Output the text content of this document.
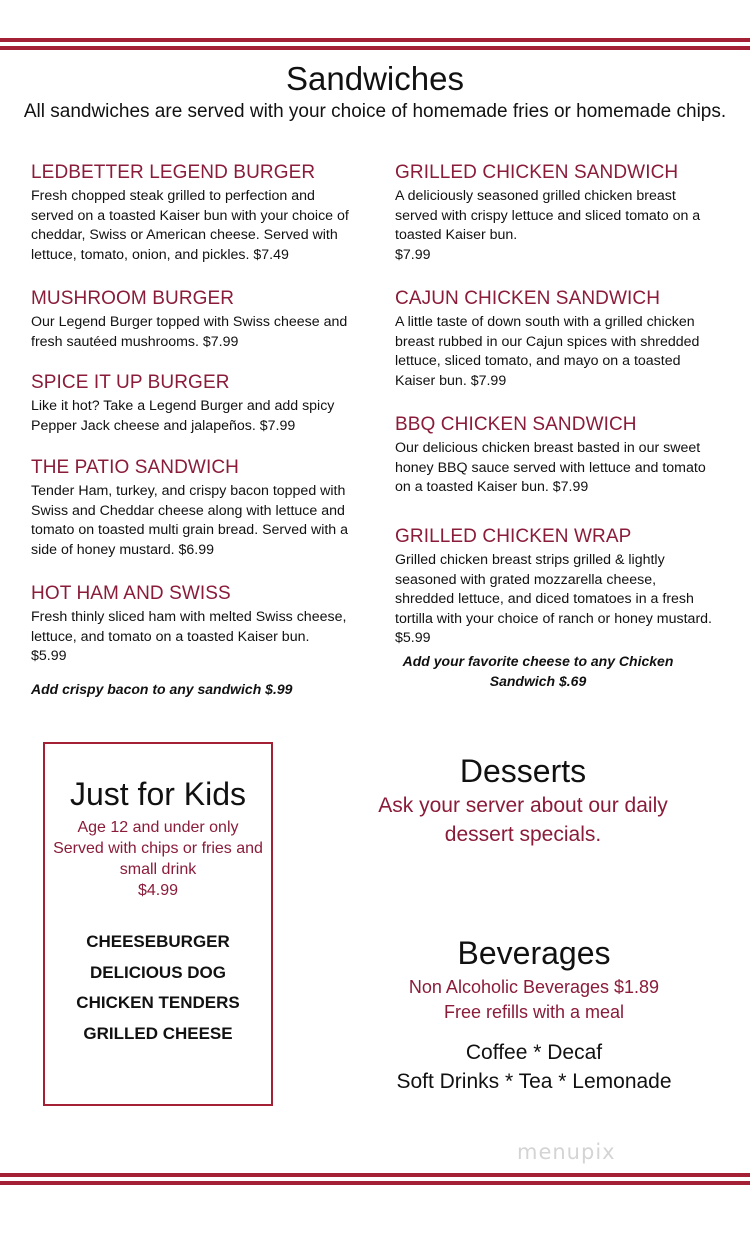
Sandwiches
All sandwiches are served with your choice of homemade fries or homemade chips.
LEDBETTER LEGEND BURGER
Fresh chopped steak grilled to perfection and served on a toasted Kaiser bun with your choice of cheddar, Swiss or American cheese. Served with lettuce, tomato, onion, and pickles. $7.49
MUSHROOM BURGER
Our Legend Burger topped with Swiss cheese and fresh sautéed mushrooms. $7.99
SPICE IT UP BURGER
Like it hot? Take a Legend Burger and add spicy Pepper Jack cheese and jalapeños. $7.99
THE PATIO SANDWICH
Tender Ham, turkey, and crispy bacon topped with Swiss and Cheddar cheese along with lettuce and tomato on toasted multi grain bread. Served with a side of honey mustard. $6.99
HOT HAM AND SWISS
Fresh thinly sliced ham with melted Swiss cheese, lettuce, and tomato on a toasted Kaiser bun.
$5.99
Add crispy bacon to any sandwich $.99
GRILLED CHICKEN SANDWICH
A deliciously seasoned grilled chicken breast served with crispy lettuce and sliced tomato on a toasted Kaiser bun.
$7.99
CAJUN CHICKEN SANDWICH
A little taste of down south with a grilled chicken breast rubbed in our Cajun spices with shredded lettuce, sliced tomato, and mayo on a toasted Kaiser bun. $7.99
BBQ CHICKEN SANDWICH
Our delicious chicken breast basted in our sweet honey BBQ sauce served with lettuce and tomato on a toasted Kaiser bun. $7.99
GRILLED CHICKEN WRAP
Grilled chicken breast strips grilled & lightly seasoned with grated mozzarella cheese, shredded lettuce, and diced tomatoes in a fresh tortilla with your choice of ranch or honey mustard. $5.99
Add your favorite cheese to any Chicken
Sandwich $.69
Just for Kids
Age 12 and under only
Served with chips or fries and
small drink
$4.99
CHEESEBURGER
DELICIOUS DOG
CHICKEN TENDERS
GRILLED CHEESE
Desserts
Ask your server about our daily
dessert specials.
Beverages
Non Alcoholic Beverages $1.89
Free refills with a meal
Coffee * Decaf
Soft Drinks * Tea * Lemonade
menupix
